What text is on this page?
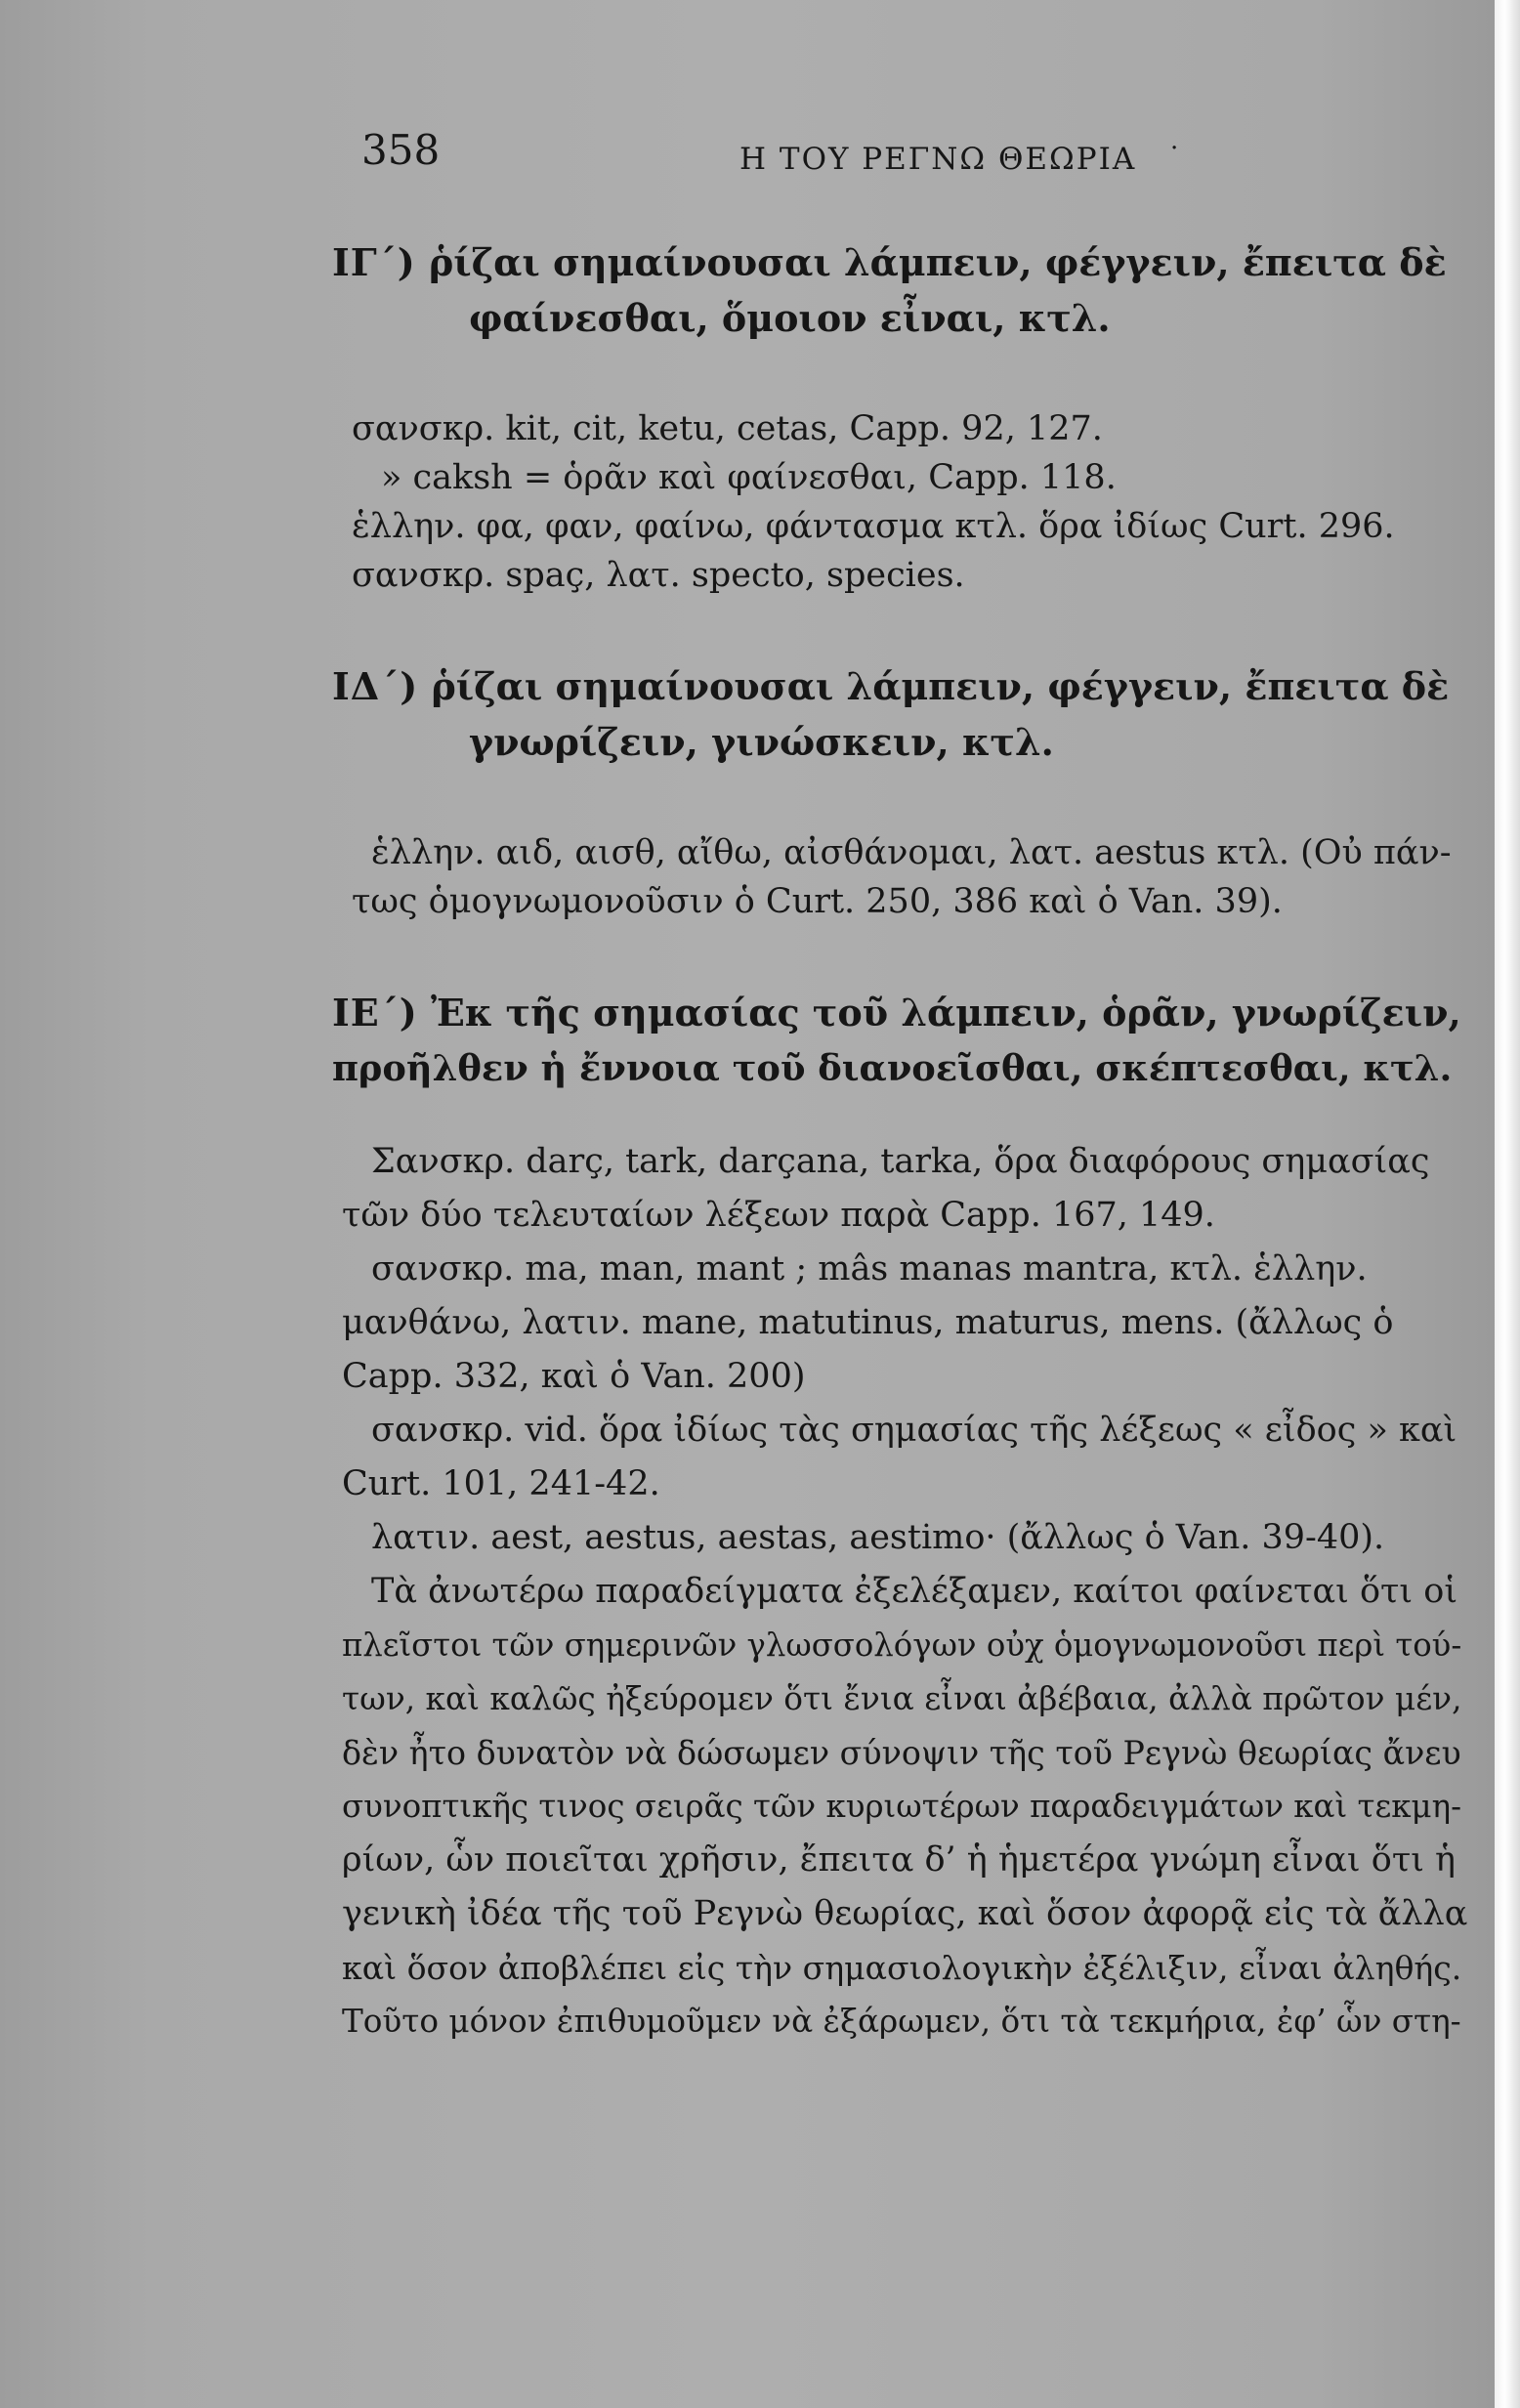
358	Η ΤΟΥ ΡΕΓΝΩ ΘΕΩΡΙΑ ·
ΙΓ΄) ῥίζαι σημαίνουσαι λάμπειν, φέγγειν, ἔπειτα δὲ
φαίνεσθαι, ὅμοιον εἶναι, κτλ.
σανσκρ. kit, cit, ketu, cetas, Capp. 92, 127.
» caksh = ὁρᾶν καὶ φαίνεσθαι, Capp. 118.
ἑλλην. φα, φαν, φαίνω, φάντασμα κτλ. ὅρα ἰδίως Curt. 296.
σανσκρ. spaç, λατ. specto, species.
ΙΔ΄) ῥίζαι σημαίνουσαι λάμπειν, φέγγειν, ἔπειτα δὲ
γνωρίζειν, γινώσκειν, κτλ.
ἑλλην. αιδ, αισθ, αἴθω, αἰσθάνομαι, λατ. aestus κτλ. (Οὐ πάν-
τως ὁμογνωμονοῦσιν ὁ Curt. 250, 386 καὶ ὁ Van. 39).
ΙΕ΄) Ἐκ τῆς σημασίας τοῦ λάμπειν, ὁρᾶν, γνωρίζειν,
προῆλθεν ἡ ἔννοια τοῦ διανοεῖσθαι, σκέπτεσθαι, κτλ.
Σανσκρ. darç, tark, darçana, tarka, ὅρα διαφόρους σημασίας
τῶν δύο τελευταίων λέξεων παρὰ Capp. 167, 149.
σανσκρ. ma, man, mant ; mâs manas mantra, κτλ. ἑλλην.
μανθάνω, λατιν. mane, matutinus, maturus, mens. (ἄλλως ὁ
Capp. 332, καὶ ὁ Van. 200)
σανσκρ. vid. ὅρα ἰδίως τὰς σημασίας τῆς λέξεως « εἶδος » καὶ
Curt. 101, 241-42.
λατιν. aest, aestus, aestas, aestimo· (ἄλλως ὁ Van. 39-40).
Τὰ ἀνωτέρω παραδείγματα ἐξελέξαμεν, καίτοι φαίνεται ὅτι οἱ
πλεῖστοι τῶν σημερινῶν γλωσσολόγων οὐχ ὁμογνωμονοῦσι περὶ τού-
των, καὶ καλῶς ἠξεύρομεν ὅτι ἔνια εἶναι ἀβέβαια, ἀλλὰ πρῶτον μέν,
δὲν ἦτο δυνατὸν νὰ δώσωμεν σύνοψιν τῆς τοῦ Ρεγνὼ θεωρίας ἄνευ
συνοπτικῆς τινος σειρᾶς τῶν κυριωτέρων παραδειγμάτων καὶ τεκμη-
ρίων, ὧν ποιεῖται χρῆσιν, ἔπειτα δ’ ἡ ἡμετέρα γνώμη εἶναι ὅτι ἡ
γενικὴ ἰδέα τῆς τοῦ Ρεγνὼ θεωρίας, καὶ ὅσον ἀφορᾷ εἰς τὰ ἄλλα
καὶ ὅσον ἀποβλέπει εἰς τὴν σημασιολογικὴν ἐξέλιξιν, εἶναι ἀληθής.
Τοῦτο μόνον ἐπιθυμοῦμεν νὰ ἐξάρωμεν, ὅτι τὰ τεκμήρια, ἐφ’ ὧν στη-
